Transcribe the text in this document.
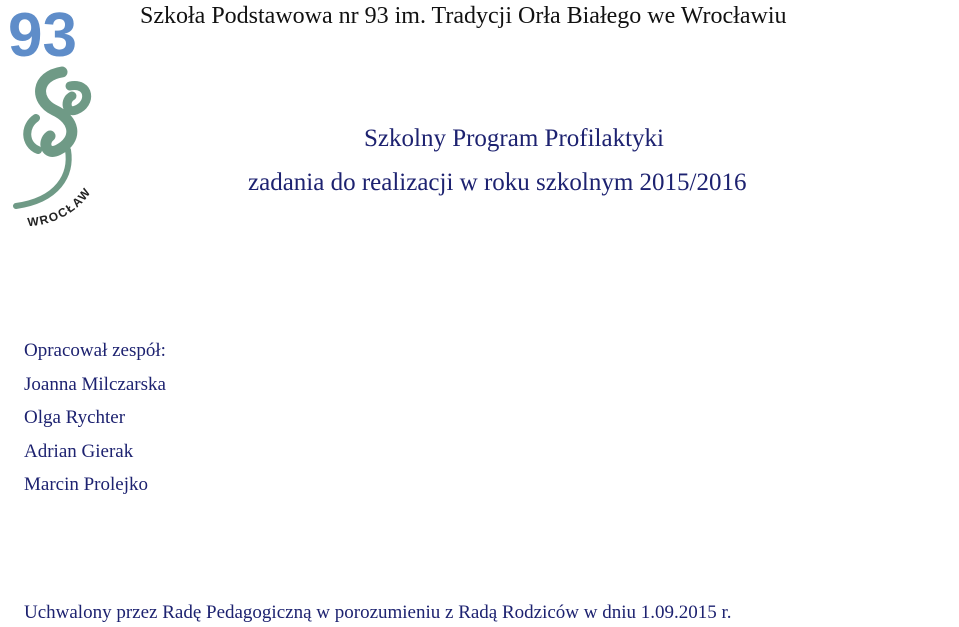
93
WROCŁAW
Szkoła Podstawowa nr 93 im. Tradycji Orła Białego we Wrocławiu
Szkolny Program Profilaktyki
zadania do realizacji w roku szkolnym 2015/2016
Opracował zespół:
Joanna Milczarska
Olga Rychter
Adrian Gierak
Marcin Prolejko
Uchwalony przez Radę Pedagogiczną w porozumieniu z Radą Rodziców w dniu 1.09.2015 r.
